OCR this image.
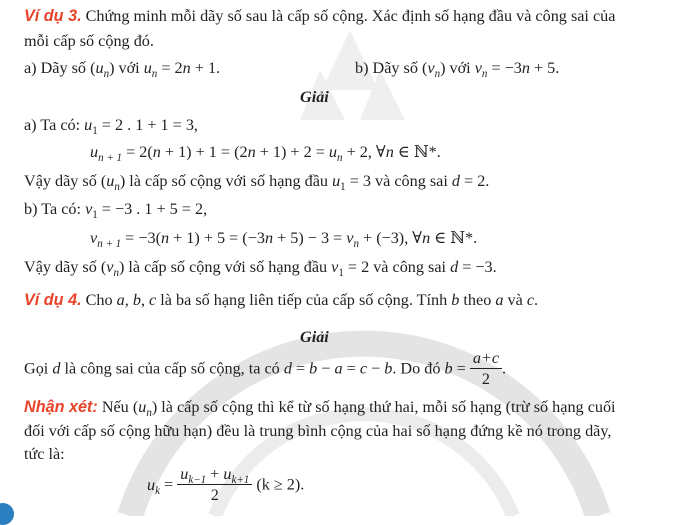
Ví dụ 3. Chứng minh mỗi dãy số sau là cấp số cộng. Xác định số hạng đầu và công sai của
mỗi cấp số cộng đó.
a) Dãy số $(u_n)$ với $u_n = 2n + 1$.	b) Dãy số $(v_n)$ với $v_n = -3n + 5$.
Giải
a) Ta có: $u_1 = 2$ . 1 + 1 = 3,
$u_{n + 1} = 2(n + 1) + 1 = (2n + 1) + 2 = u_n + 2$, ∀n ∈ ℕ*.
Vậy dãy số $(u_n)$ là cấp số cộng với số hạng đầu $u_1 = 3$ và công sai d = 2.
b) Ta có: $v_1 = -3$ . 1 + 5 = 2,
$v_{n + 1} = -3(n + 1) + 5 = (-3n + 5) - 3 = v_n + (-3)$, ∀n ∈ ℕ*.
Vậy dãy số $(v_n)$ là cấp số cộng với số hạng đầu $v_1 = 2$ và công sai d = −3.
Ví dụ 4. Cho a, b, c là ba số hạng liên tiếp của cấp số cộng. Tính b theo a và c.
Giải
Gọi d là công sai của cấp số cộng, ta có d = b − a = c − b. Do đó $b = \frac{a+c}{2}$ .
Nhận xét: Nếu $(u_n)$ là cấp số cộng thì kể từ số hạng thứ hai, mỗi số hạng (trừ số hạng cuối
đối với cấp số cộng hữu hạn) đều là trung bình cộng của hai số hạng đứng kề nó trong dãy,
tức là:
$u_k = \frac{u_{k-1} + u_{k+1}}{2} (k \ge 2)$.
